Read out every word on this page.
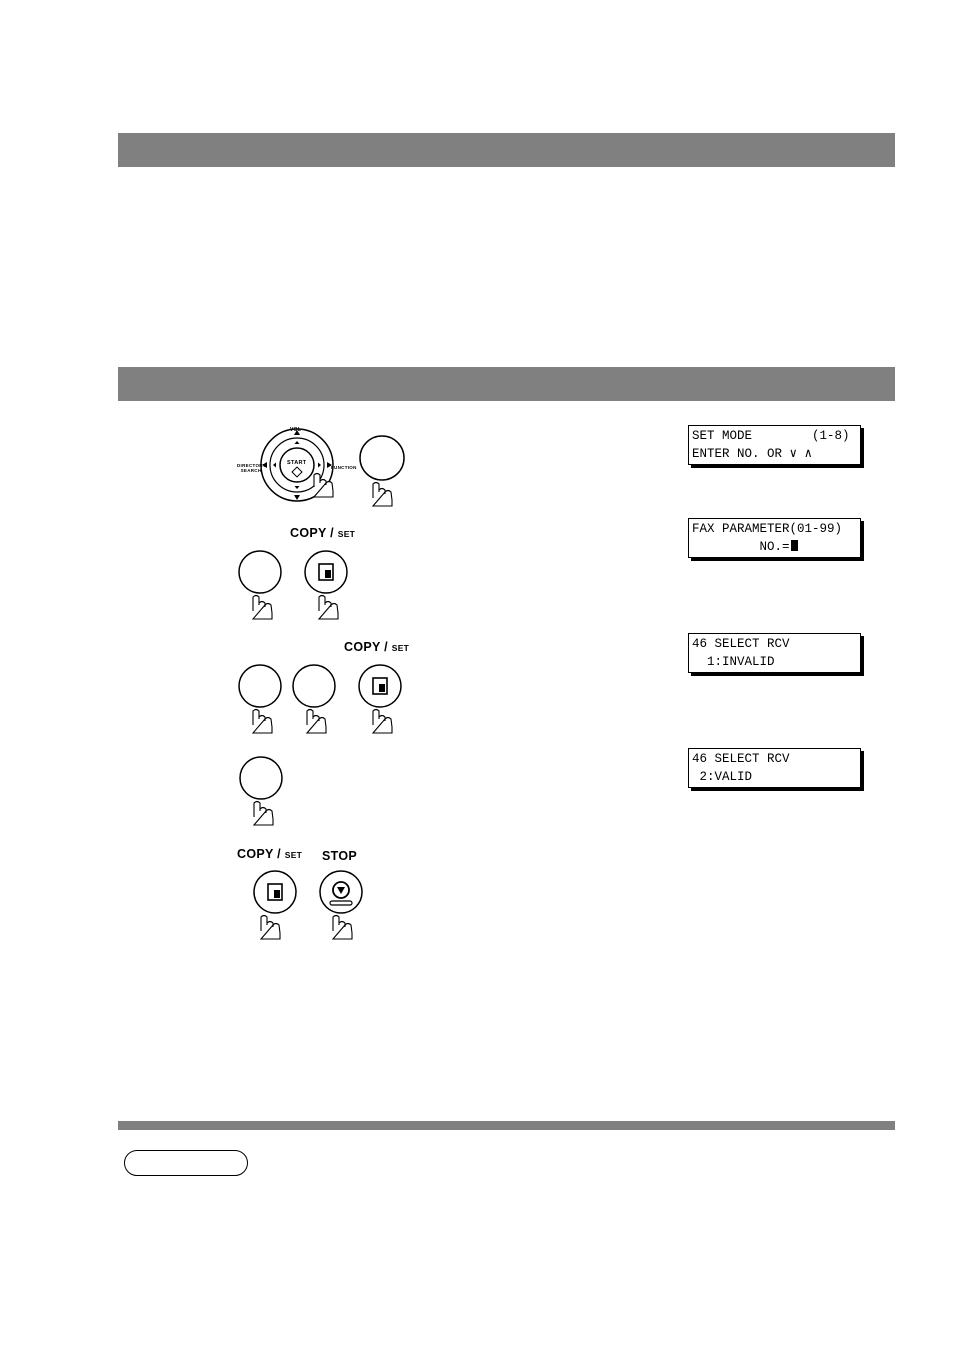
START
VOL
DIRECTORY SEARCH
FUNCTION
COPY / SET
COPY / SET
COPY / SET STOP
SET MODE        (1-8)
ENTER NO. OR ∨ ∧
FAX PARAMETER(01-99)
NO.=
46 SELECT RCV
1:INVALID
46 SELECT RCV
2:VALID
